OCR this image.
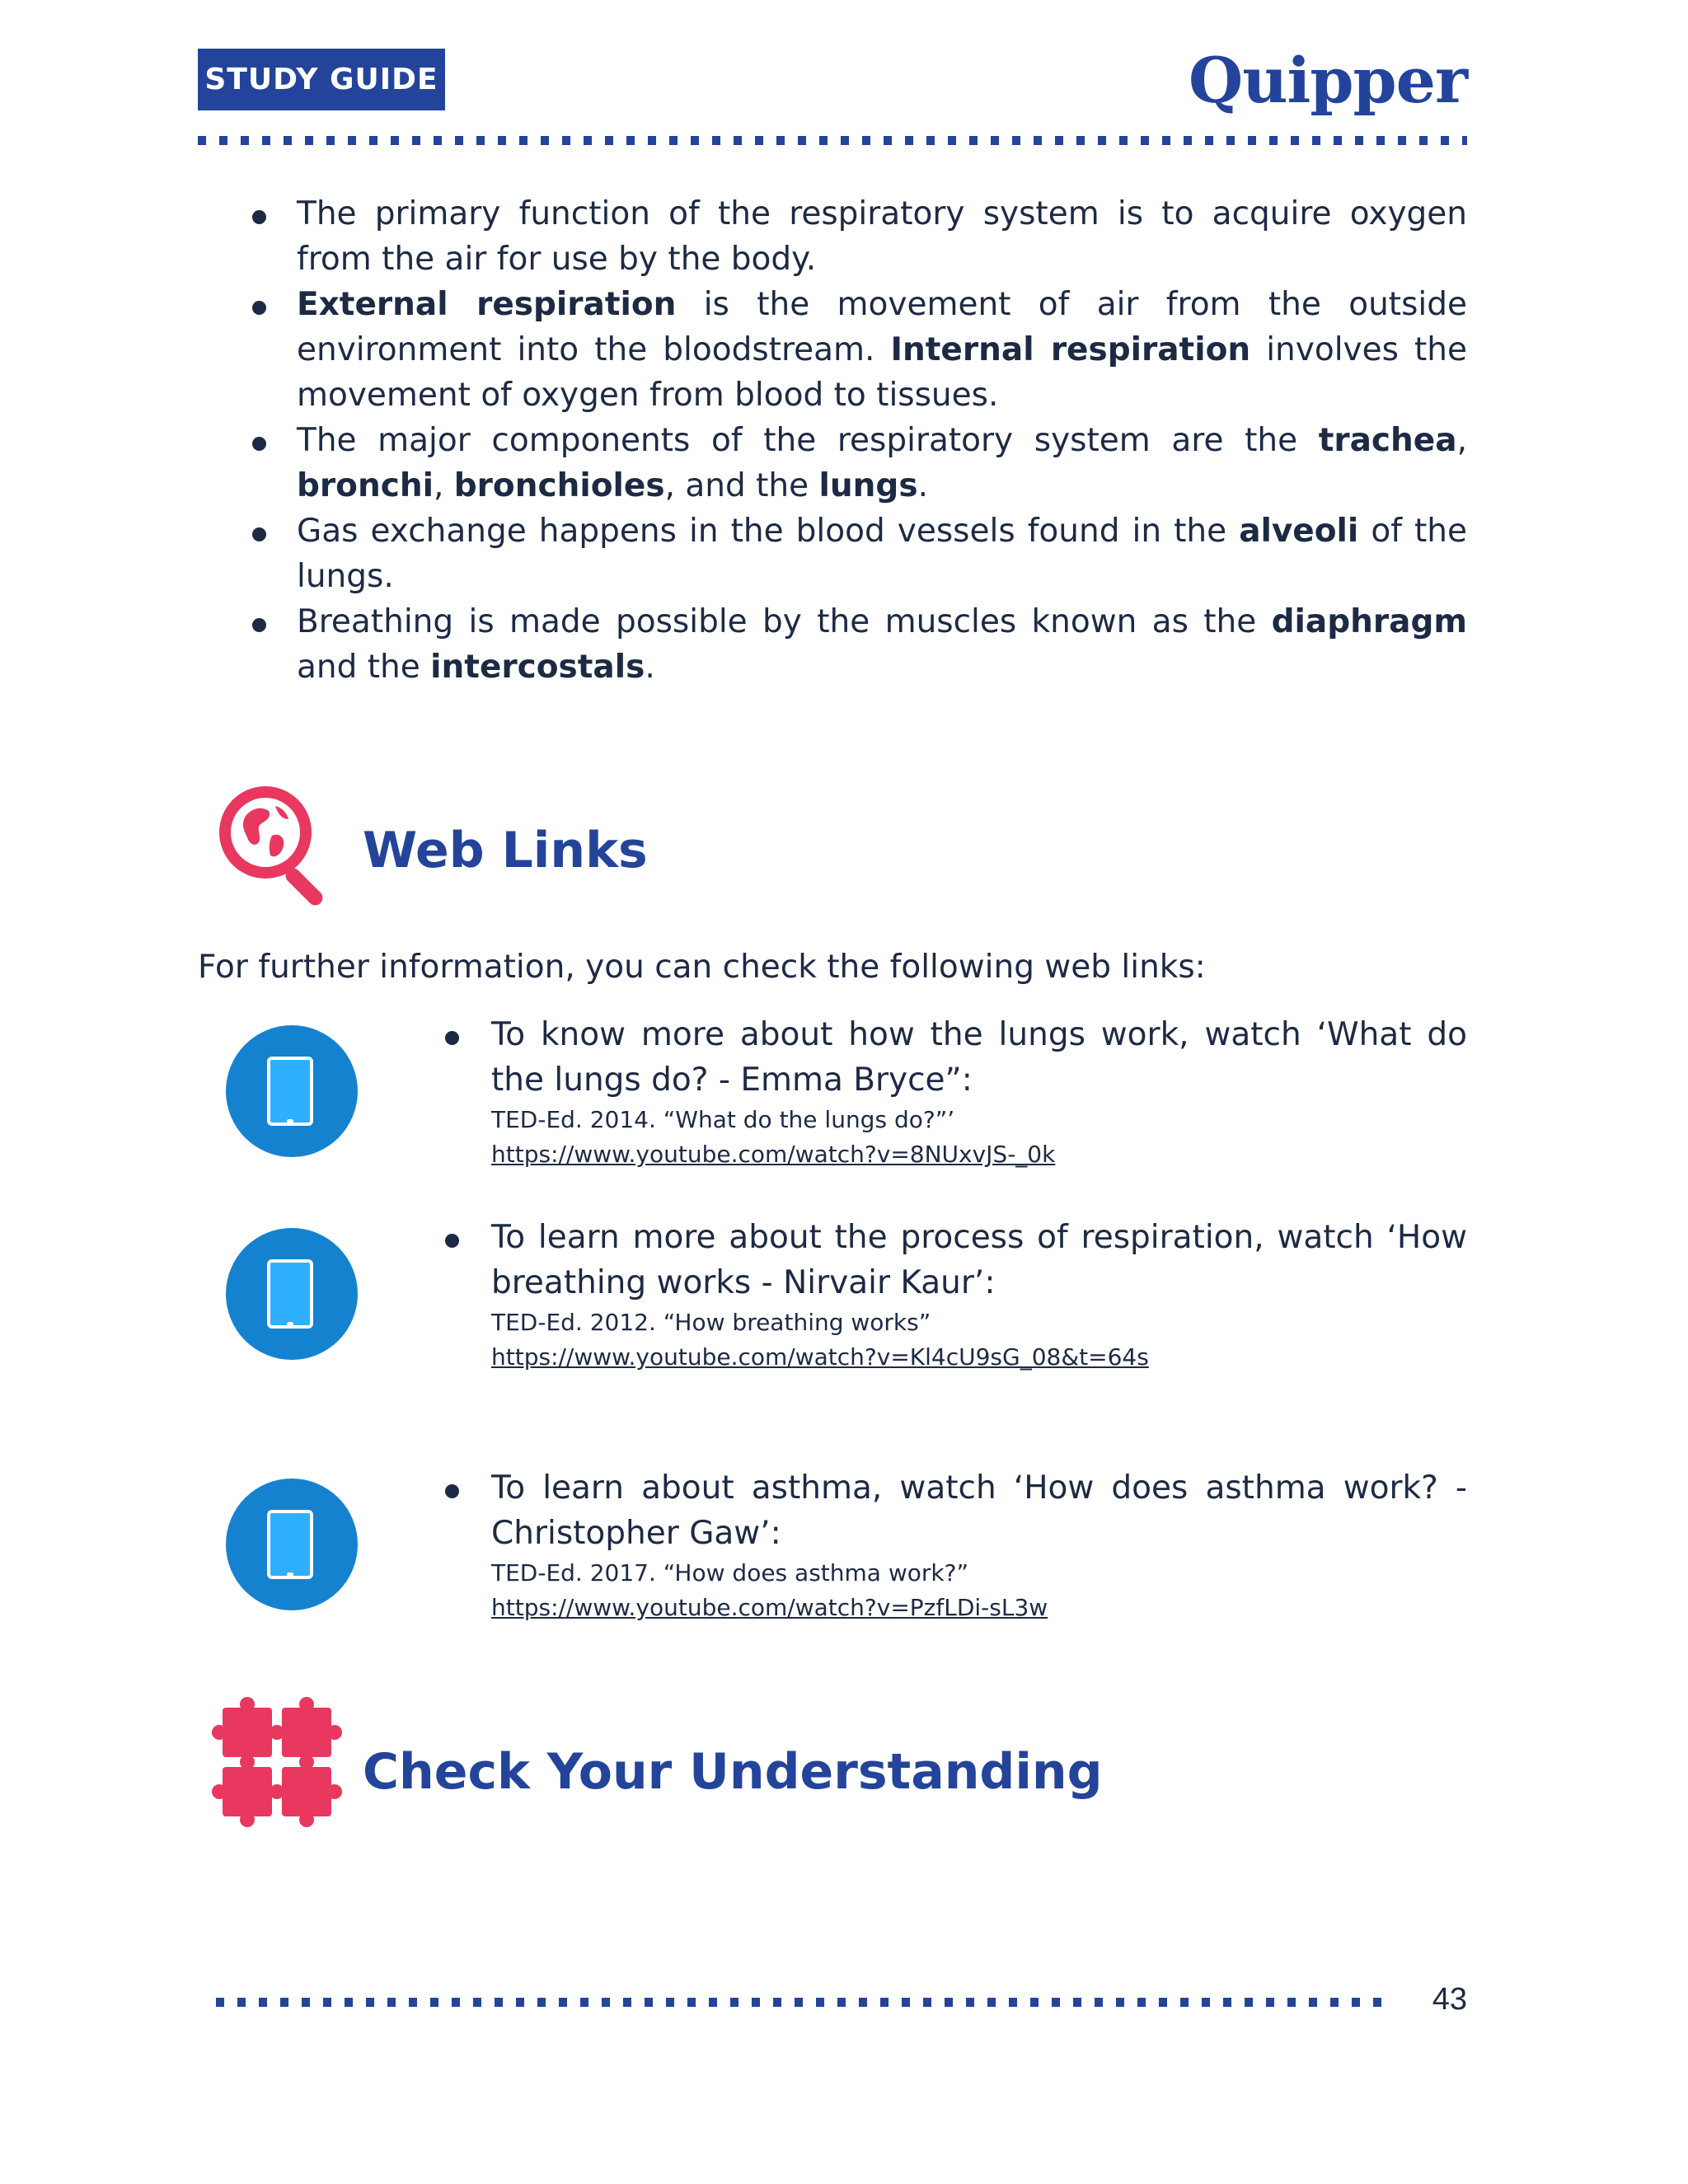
STUDY GUIDE	Quipper
The primary function of the respiratory system is to acquire oxygen from the air for use by the body.
External respiration is the movement of air from the outside environment into the bloodstream. Internal respiration involves the movement of oxygen from blood to tissues.
The major components of the respiratory system are the trachea, bronchi, bronchioles, and the lungs.
Gas exchange happens in the blood vessels found in the alveoli of the lungs.
Breathing is made possible by the muscles known as the diaphragm and the intercostals.
Web Links
For further information, you can check the following web links:
To know more about how the lungs work, watch ‘What do the lungs do? - Emma Bryce”:
TED-Ed. 2014. “What do the lungs do?”’
https://www.youtube.com/watch?v=8NUxvJS-_0k
To learn more about the process of respiration, watch ‘How breathing works - Nirvair Kaur’:
TED-Ed. 2012. “How breathing works”
https://www.youtube.com/watch?v=Kl4cU9sG_08&t=64s
To learn about asthma, watch ‘How does asthma work? - Christopher Gaw’:
TED-Ed. 2017. “How does asthma work?”
https://www.youtube.com/watch?v=PzfLDi-sL3w
Check Your Understanding
43
